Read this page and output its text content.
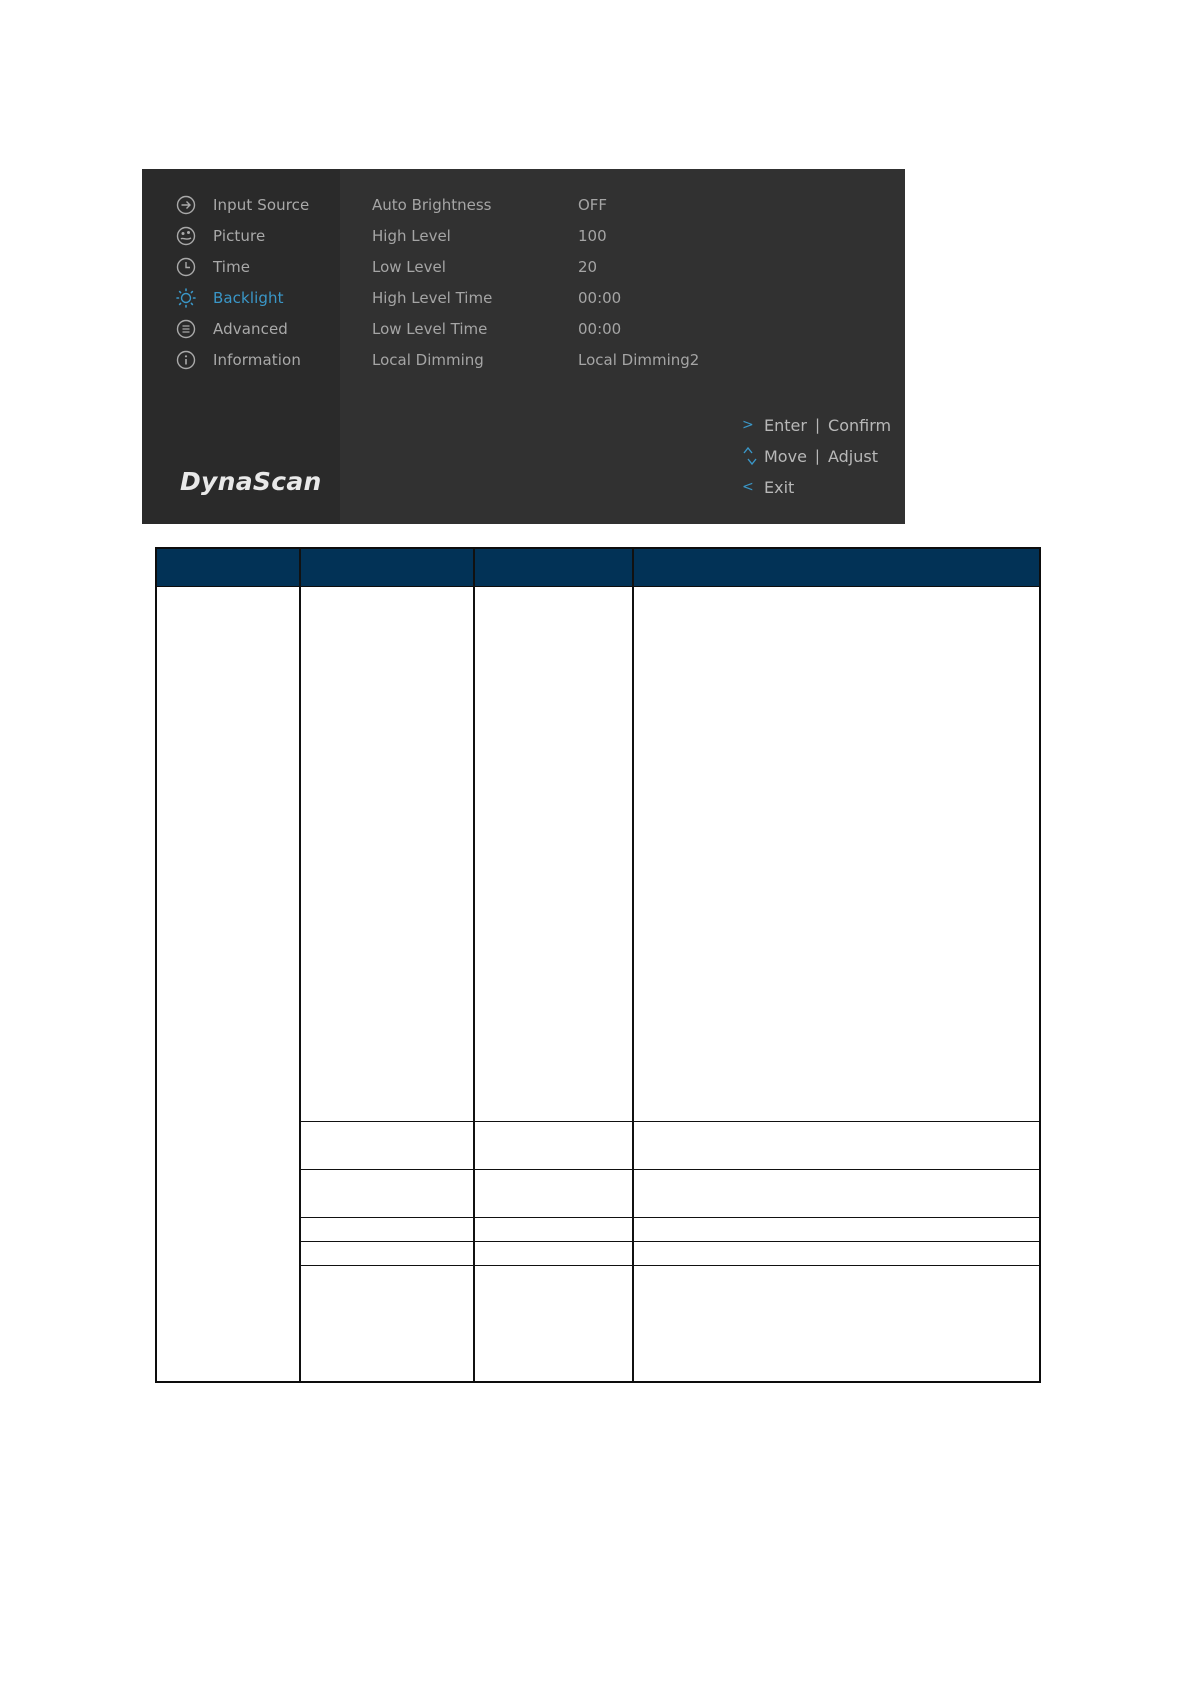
Input Source
Picture
Time
Backlight
Advanced
Information
Auto Brightness	OFF
High Level	100
Low Level	20
High Level Time	00:00
Low Level Time	00:00
Local Dimming	Local Dimming2
> Enter | Confirm
Move | Adjust
< Exit
DynaScan
